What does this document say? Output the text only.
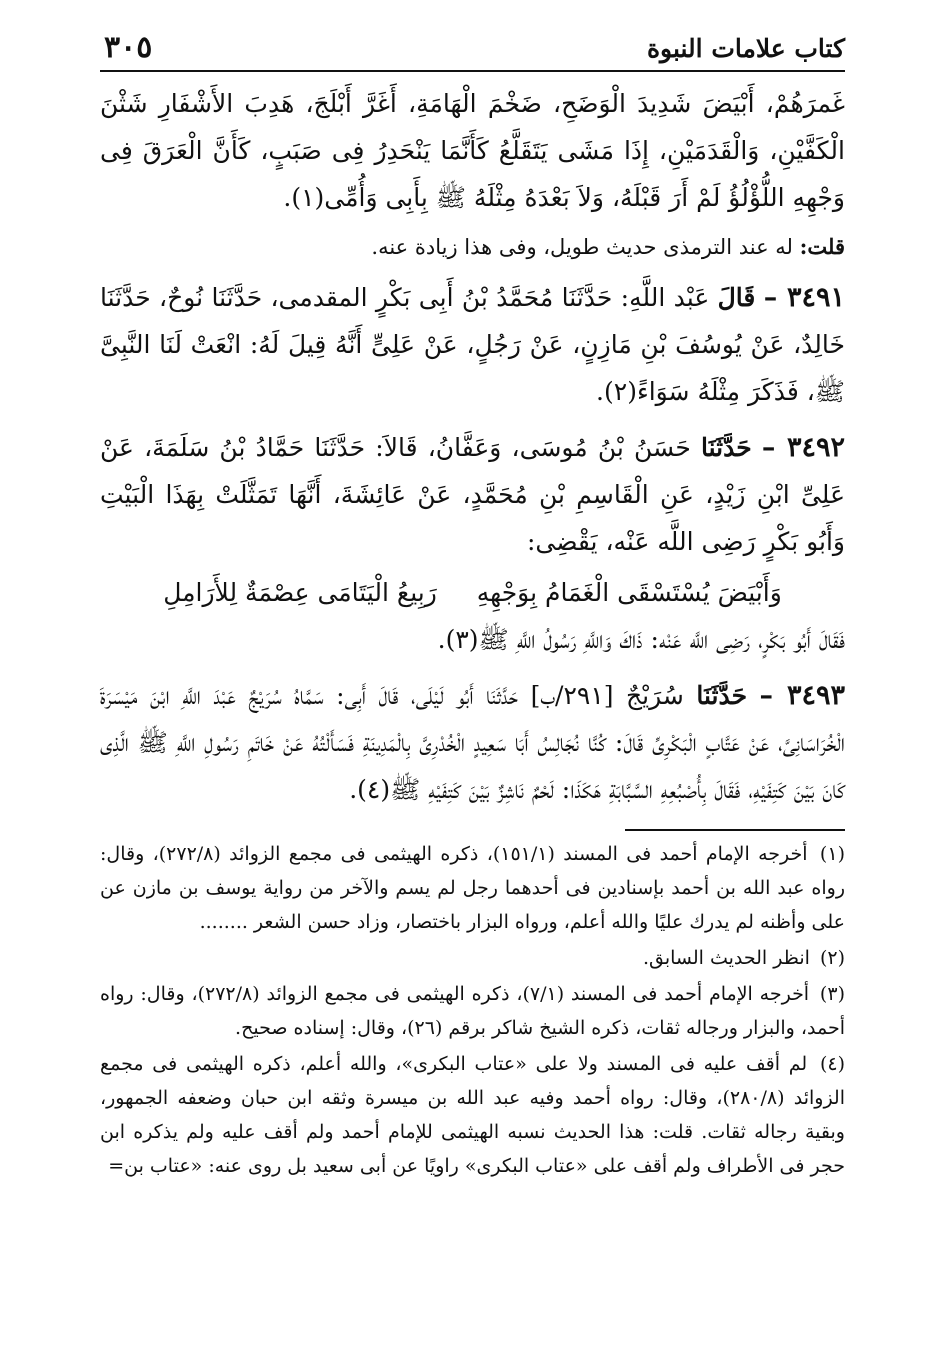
كتاب علامات النبوة
٣٠٥

غَمرَهُمْ، أَبْيَضَ شَدِيدَ الْوَضَحِ، ضَخْمَ الْهَامَةِ، أَغَرَّ أَبْلَجَ، هَدِبَ الأَشْفَارِ شَثْنَ الْكَفَّيْنِ، وَالْقَدَمَيْنِ، إِذَا مَشَى يَتَقَلَّعُ كَأَنَّمَا يَنْحَدِرُ فِى صَبَبٍ، كَأَنَّ الْعَرَقَ فِى وَجْهِهِ اللُّؤْلُؤُ لَمْ أَرَ قَبْلَهُ، وَلاَ بَعْدَهُ مِثْلَهُ ﷺ بِأَبِى وَأُمِّى(١).

قلت: له عند الترمذى حديث طويل، وفى هذا زيادة عنه.

٣٤٩١ – قَالَ عَبْد اللَّهِ: حَدَّثَنَا مُحَمَّدُ بْنُ أَبِى بَكْرٍ المقدمى، حَدَّثَنَا نُوحٌ، حَدَّثَنَا خَالِدٌ، عَنْ يُوسُفَ بْنِ مَازِنٍ، عَنْ رَجُلٍ، عَنْ عَلِىٍّ أَنَّهُ قِيلَ لَهُ: انْعَتْ لَنَا النَّبِىَّ ﷺ، فَذَكَرَ مِثْلَهُ سَوَاءً(٢).

٣٤٩٢ – حَدَّثَنَا حَسَنُ بْنُ مُوسَى، وَعَفَّانُ، قَالاَ: حَدَّثَنَا حَمَّادُ بْنُ سَلَمَةَ، عَنْ عَلِىِّ ابْنِ زَيْدٍ، عَنِ الْقَاسِمِ بْنِ مُحَمَّدٍ، عَنْ عَائِشَةَ، أَنَّهَا تَمَثَّلَتْ بِهَذَا الْبَيْتِ وَأَبُو بَكْرٍ رَضِى اللَّه عَنْه، يَقْضِى:

وَأَبْيَضَ يُسْتَسْقَى الْغَمَامُ بِوَجْهِهِ
رَبِيعُ الْيَتَامَى عِصْمَةٌ لِلأَرَامِلِ

فَقَالَ أَبُو بَكْرٍ، رَضِى اللَّه عَنْه: ذَاكَ وَاللَّهِ رَسُولُ اللَّهِ ﷺ(٣).

٣٤٩٣ – حَدَّثَنَا سُرَيْجٌ [٢٩١/ب] حَدَّثَنَا أَبُو لَيْلَى، قَالَ أَبِى: سَمَّاهُ سُرَيْجٌ عَبْدَ اللَّهِ ابْنَ مَيْسَرَةَ الْخُرَاسَانِىَّ، عَنْ عَتَّابٍ الْبَكْرِىِّ قَالَ: كُنَّا نُجَالِسُ أَبَا سَعِيدٍ الْخُدْرِىَّ بِالْمَدِينَةِ فَسَأَلْتُهُ عَنْ خَاتَمِ رَسُولِ اللَّهِ ﷺ الَّذِى كَانَ بَيْنَ كَتِفَيْهِ، فَقَالَ بِأُصْبُعِهِ السَّبَّابَةِ هَكَذَا: لَحْمٌ نَاشِزٌ بَيْنَ كَتِفَيْهِ ﷺ(٤).

(١) أخرجه الإمام أحمد فى المسند (١٥١/١)، ذكره الهيثمى فى مجمع الزوائد (٢٧٢/٨)، وقال: رواه عبد الله بن أحمد بإسنادين فى أحدهما رجل لم يسم والآخر من رواية يوسف بن مازن عن على وأظنه لم يدرك عليًا والله أعلم، ورواه البزار باختصار، وزاد حسن الشعر ........

(٢) انظر الحديث السابق.

(٣) أخرجه الإمام أحمد فى المسند (٧/١)، ذكره الهيثمى فى مجمع الزوائد (٢٧٢/٨)، وقال: رواه أحمد، والبزار ورجاله ثقات، ذكره الشيخ شاكر برقم (٢٦)، وقال: إسناده صحيح.

(٤) لم أقف عليه فى المسند ولا على «عتاب البكرى»، والله أعلم، ذكره الهيثمى فى مجمع الزوائد (٢٨٠/٨)، وقال: رواه أحمد وفيه عبد الله بن ميسرة وثقه ابن حبان وضعفه الجمهور، وبقية رجاله ثقات. قلت: هذا الحديث نسبه الهيثمى للإمام أحمد ولم أقف عليه ولم يذكره ابن حجر فى الأطراف ولم أقف على «عتاب البكرى» راويًا عن أبى سعيد بل روى عنه: «عتاب بن=
